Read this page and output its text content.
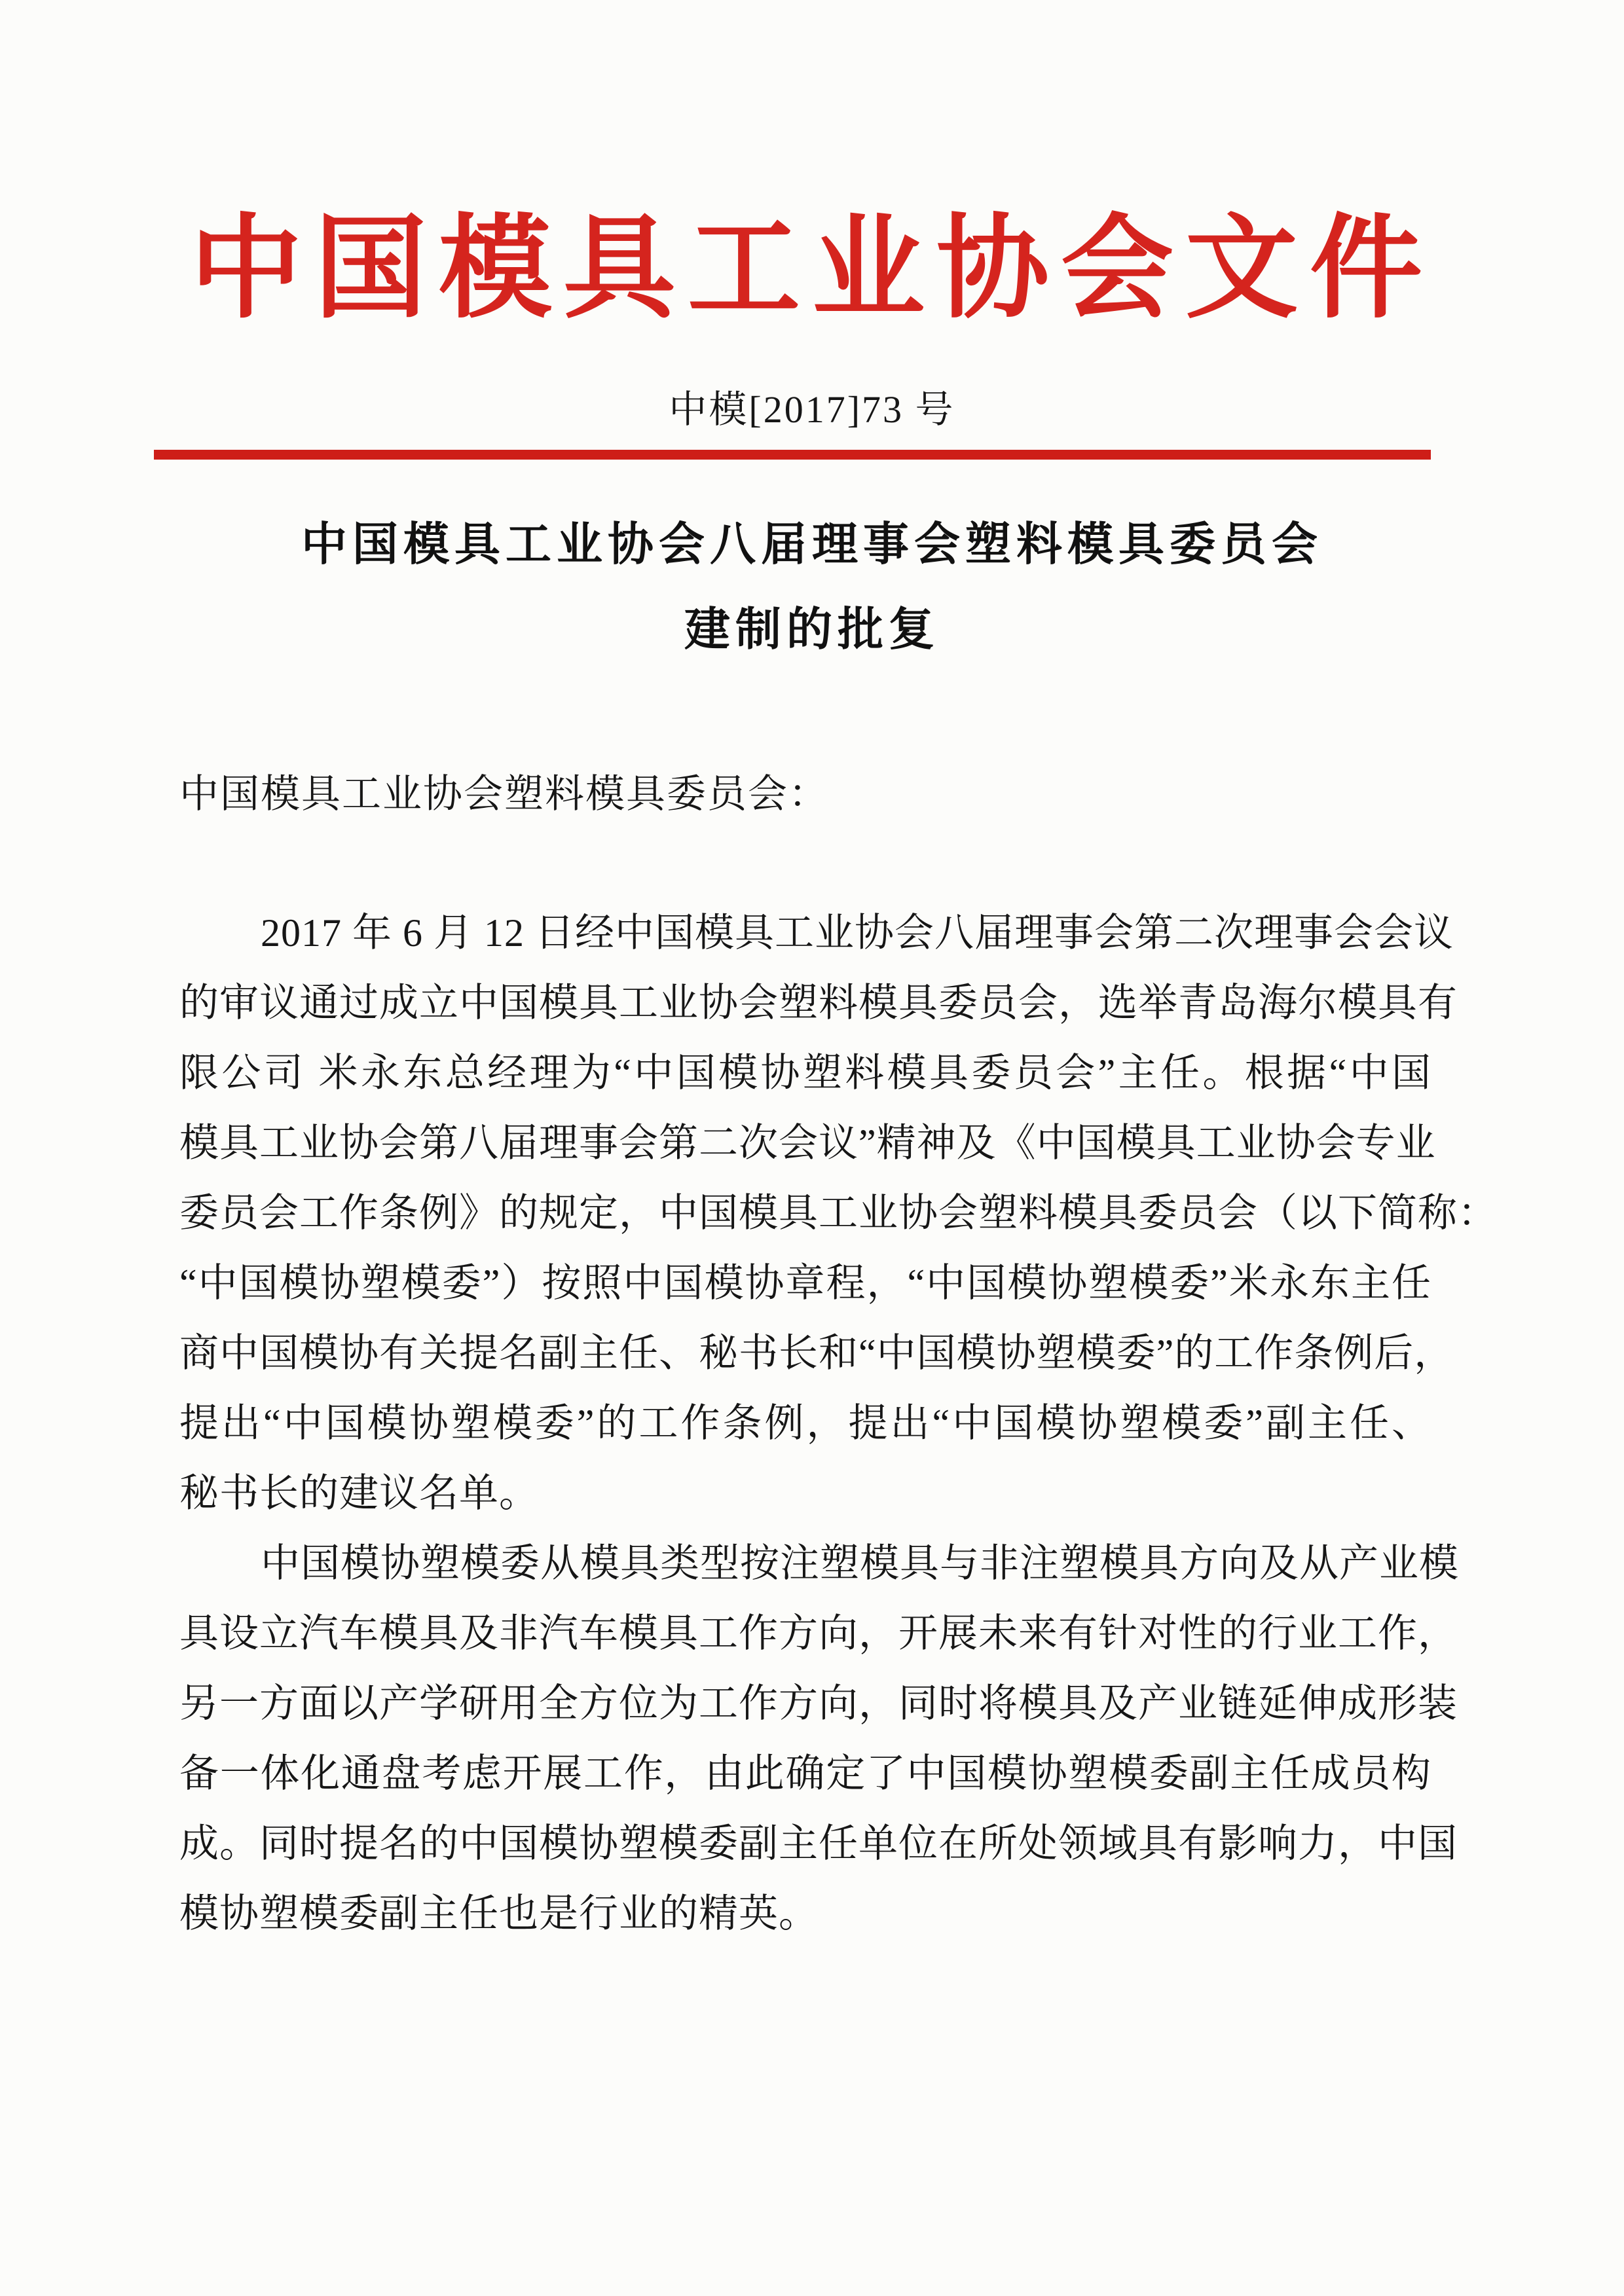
中国模具工业协会文件
中模[2017]73 号
中国模具工业协会八届理事会塑料模具委员会
建制的批复
中国模具工业协会塑料模具委员会：
2017 年 6 月 12 日经中国模具工业协会八届理事会第二次理事会会议
的审议通过成立中国模具工业协会塑料模具委员会，选举青岛海尔模具有
限公司 米永东总经理为“中国模协塑料模具委员会”主任。根据“中国
模具工业协会第八届理事会第二次会议”精神及《中国模具工业协会专业
委员会工作条例》的规定，中国模具工业协会塑料模具委员会（以下简称：
“中国模协塑模委”）按照中国模协章程，“中国模协塑模委”米永东主任
商中国模协有关提名副主任、秘书长和“中国模协塑模委”的工作条例后，
提出“中国模协塑模委”的工作条例，提出“中国模协塑模委”副主任、
秘书长的建议名单。
中国模协塑模委从模具类型按注塑模具与非注塑模具方向及从产业模
具设立汽车模具及非汽车模具工作方向，开展未来有针对性的行业工作，
另一方面以产学研用全方位为工作方向，同时将模具及产业链延伸成形装
备一体化通盘考虑开展工作，由此确定了中国模协塑模委副主任成员构
成。同时提名的中国模协塑模委副主任单位在所处领域具有影响力，中国
模协塑模委副主任也是行业的精英。
